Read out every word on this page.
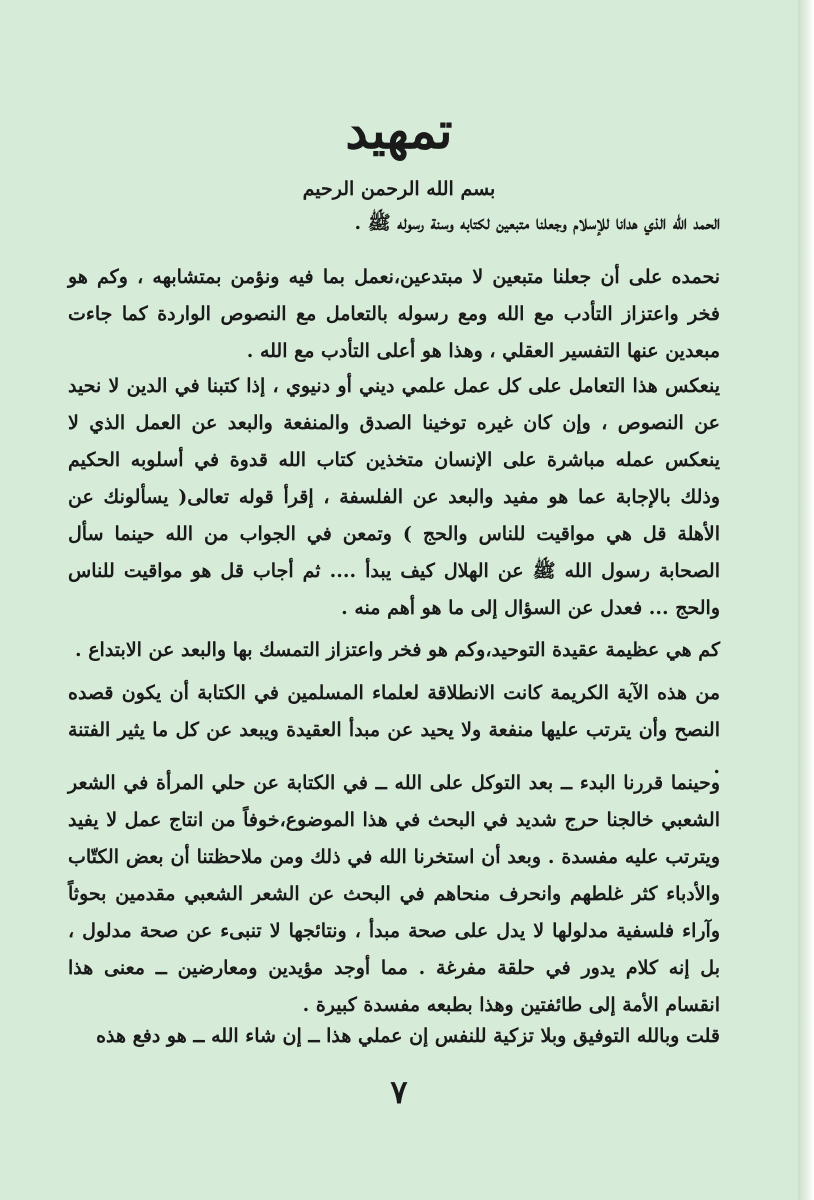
تمهيد
بسم الله الرحمن الرحيم
الحمد الله الذي هدانا للإسلام وجعلنا متبعين لكتابه وسنة رسوله ﷺ .
نحمده على أن جعلنا متبعين لا مبتدعين،نعمل بما فيه ونؤمن بمتشابهه ، وكم هو فخر واعتزاز التأدب مع الله ومع رسوله بالتعامل مع النصوص الواردة كما جاءت مبعدين عنها التفسير العقلي ، وهذا هو أعلى التأدب مع الله .
ينعكس هذا التعامل على كل عمل علمي ديني أو دنيوي ، إذا كتبنا في الدين لا نحيد عن النصوص ، وإن كان غيره توخينا الصدق والمنفعة والبعد عن العمل الذي لا ينعكس عمله مباشرة على الإنسان متخذين كتاب الله قدوة في أسلوبه الحكيم وذلك بالإجابة عما هو مفيد والبعد عن الفلسفة ، إقرأ قوله تعالى( يسألونك عن الأهلة قل هي مواقيت للناس والحج ) وتمعن في الجواب من الله حينما سأل الصحابة رسول الله ﷺ عن الهلال كيف يبدأ .... ثم أجاب قل هو مواقيت للناس والحج ... فعدل عن السؤال إلى ما هو أهم منه .
كم هي عظيمة عقيدة التوحيد،وكم هو فخر واعتزاز التمسك بها والبعد عن الابتداع .
من هذه الآية الكريمة كانت الانطلاقة لعلماء المسلمين في الكتابة أن يكون قصده النصح وأن يترتب عليها منفعة ولا يحيد عن مبدأ العقيدة ويبعد عن كل ما يثير الفتنة .
وحينما قررنا البدء ــ بعد التوكل على الله ــ في الكتابة عن حلي المرأة في الشعر الشعبي خالجنا حرج شديد في البحث في هذا الموضوع،خوفاً من انتاج عمل لا يفيد ويترتب عليه مفسدة . وبعد أن استخرنا الله في ذلك ومن ملاحظتنا أن بعض الكتّاب والأدباء كثر غلطهم وانحرف منحاهم في البحث عن الشعر الشعبي مقدمين بحوثاً وآراء فلسفية مدلولها لا يدل على صحة مبدأ ، ونتائجها لا تنبىء عن صحة مدلول ، بل إنه كلام يدور في حلقة مفرغة . مما أوجد مؤيدين ومعارضين ــ معنى هذا انقسام الأمة إلى طائفتين وهذا بطبعه مفسدة كبيرة .
قلت وبالله التوفيق وبلا تزكية للنفس إن عملي هذا ــ إن شاء الله ــ هو دفع هذه
٧
